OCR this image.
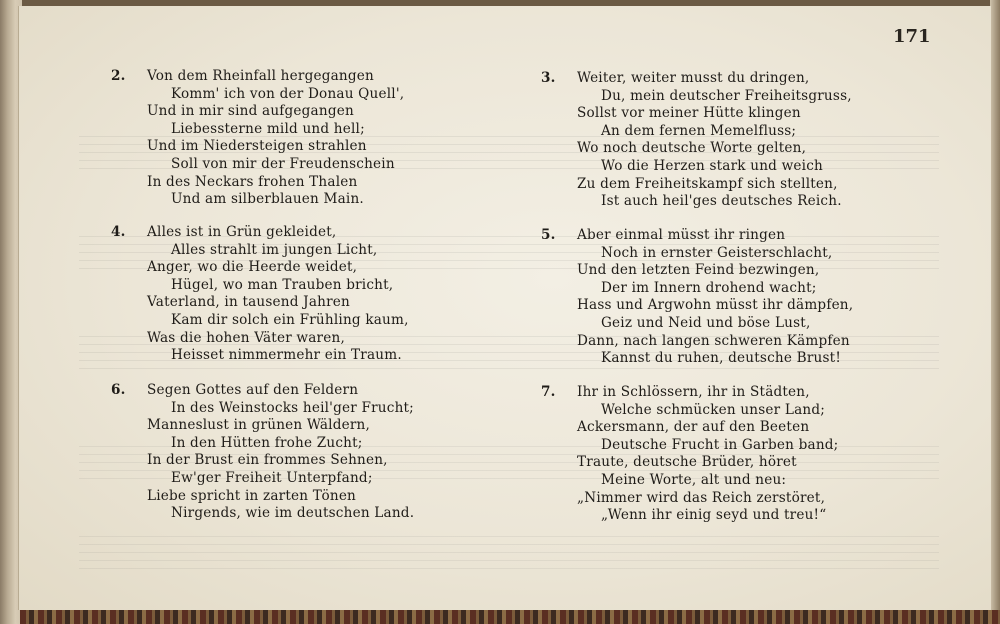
171
2.	Von dem Rheinfall hergegangen
Komm' ich von der Donau Quell',
Und in mir sind aufgegangen
Liebessterne mild und hell;
Und im Niedersteigen strahlen
Soll von mir der Freudenschein
In des Neckars frohen Thalen
Und am silberblauen Main.
3.	Weiter, weiter musst du dringen,
Du, mein deutscher Freiheitsgruss,
Sollst vor meiner Hütte klingen
An dem fernen Memelfluss;
Wo noch deutsche Worte gelten,
Wo die Herzen stark und weich
Zu dem Freiheitskampf sich stellten,
Ist auch heil'ges deutsches Reich.
4.	Alles ist in Grün gekleidet,
Alles strahlt im jungen Licht,
Anger, wo die Heerde weidet,
Hügel, wo man Trauben bricht,
Vaterland, in tausend Jahren
Kam dir solch ein Frühling kaum,
Was die hohen Väter waren,
Heisset nimmermehr ein Traum.
5.	Aber einmal müsst ihr ringen
Noch in ernster Geisterschlacht,
Und den letzten Feind bezwingen,
Der im Innern drohend wacht;
Hass und Argwohn müsst ihr dämpfen,
Geiz und Neid und böse Lust,
Dann, nach langen schweren Kämpfen
Kannst du ruhen, deutsche Brust!
6.	Segen Gottes auf den Feldern
In des Weinstocks heil'ger Frucht;
Manneslust in grünen Wäldern,
In den Hütten frohe Zucht;
In der Brust ein frommes Sehnen,
Ew'ger Freiheit Unterpfand;
Liebe spricht in zarten Tönen
Nirgends, wie im deutschen Land.
7.	Ihr in Schlössern, ihr in Städten,
Welche schmücken unser Land;
Ackersmann, der auf den Beeten
Deutsche Frucht in Garben band;
Traute, deutsche Brüder, höret
Meine Worte, alt und neu:
„Nimmer wird das Reich zerstöret,
„Wenn ihr einig seyd und treu!“
